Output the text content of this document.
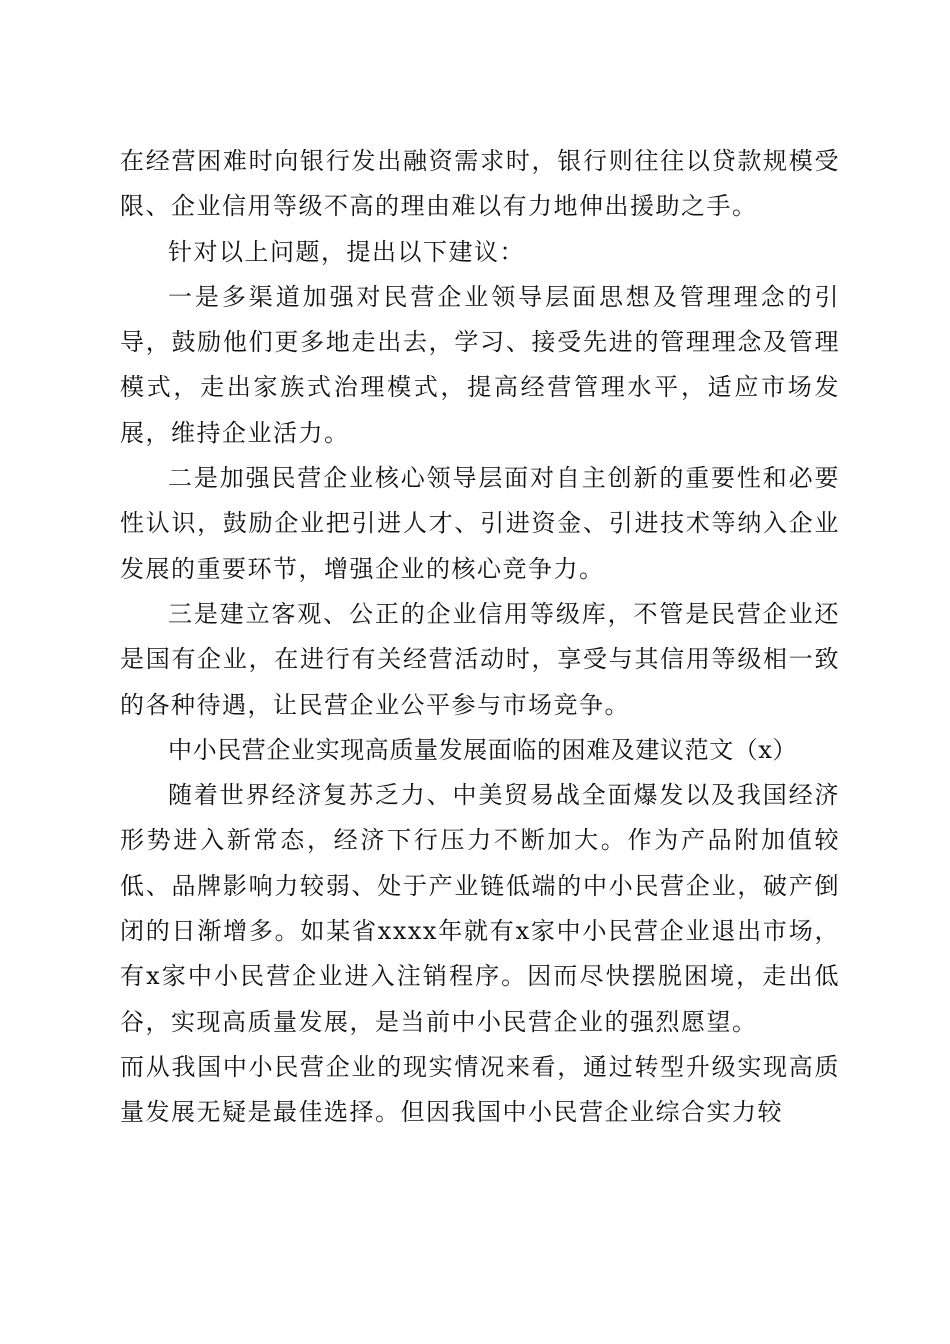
在经营困难时向银行发出融资需求时，银行则往往以贷款规模受限、企业信用等级不高的理由难以有力地伸出援助之手。

针对以上问题，提出以下建议：

一是多渠道加强对民营企业领导层面思想及管理理念的引导，鼓励他们更多地走出去，学习、接受先进的管理理念及管理模式，走出家族式治理模式，提高经营管理水平，适应市场发展，维持企业活力。

二是加强民营企业核心领导层面对自主创新的重要性和必要性认识，鼓励企业把引进人才、引进资金、引进技术等纳入企业发展的重要环节，增强企业的核心竞争力。

三是建立客观、公正的企业信用等级库，不管是民营企业还是国有企业，在进行有关经营活动时，享受与其信用等级相一致的各种待遇，让民营企业公平参与市场竞争。

中小民营企业实现高质量发展面临的困难及建议范文（x）

随着世界经济复苏乏力、中美贸易战全面爆发以及我国经济形势进入新常态，经济下行压力不断加大。作为产品附加值较低、品牌影响力较弱、处于产业链低端的中小民营企业，破产倒闭的日渐增多。如某省xxxx年就有x家中小民营企业退出市场，有x家中小民营企业进入注销程序。因而尽快摆脱困境，走出低谷，实现高质量发展，是当前中小民营企业的强烈愿望。

而从我国中小民营企业的现实情况来看，通过转型升级实现高质量发展无疑是最佳选择。但因我国中小民营企业综合实力较
